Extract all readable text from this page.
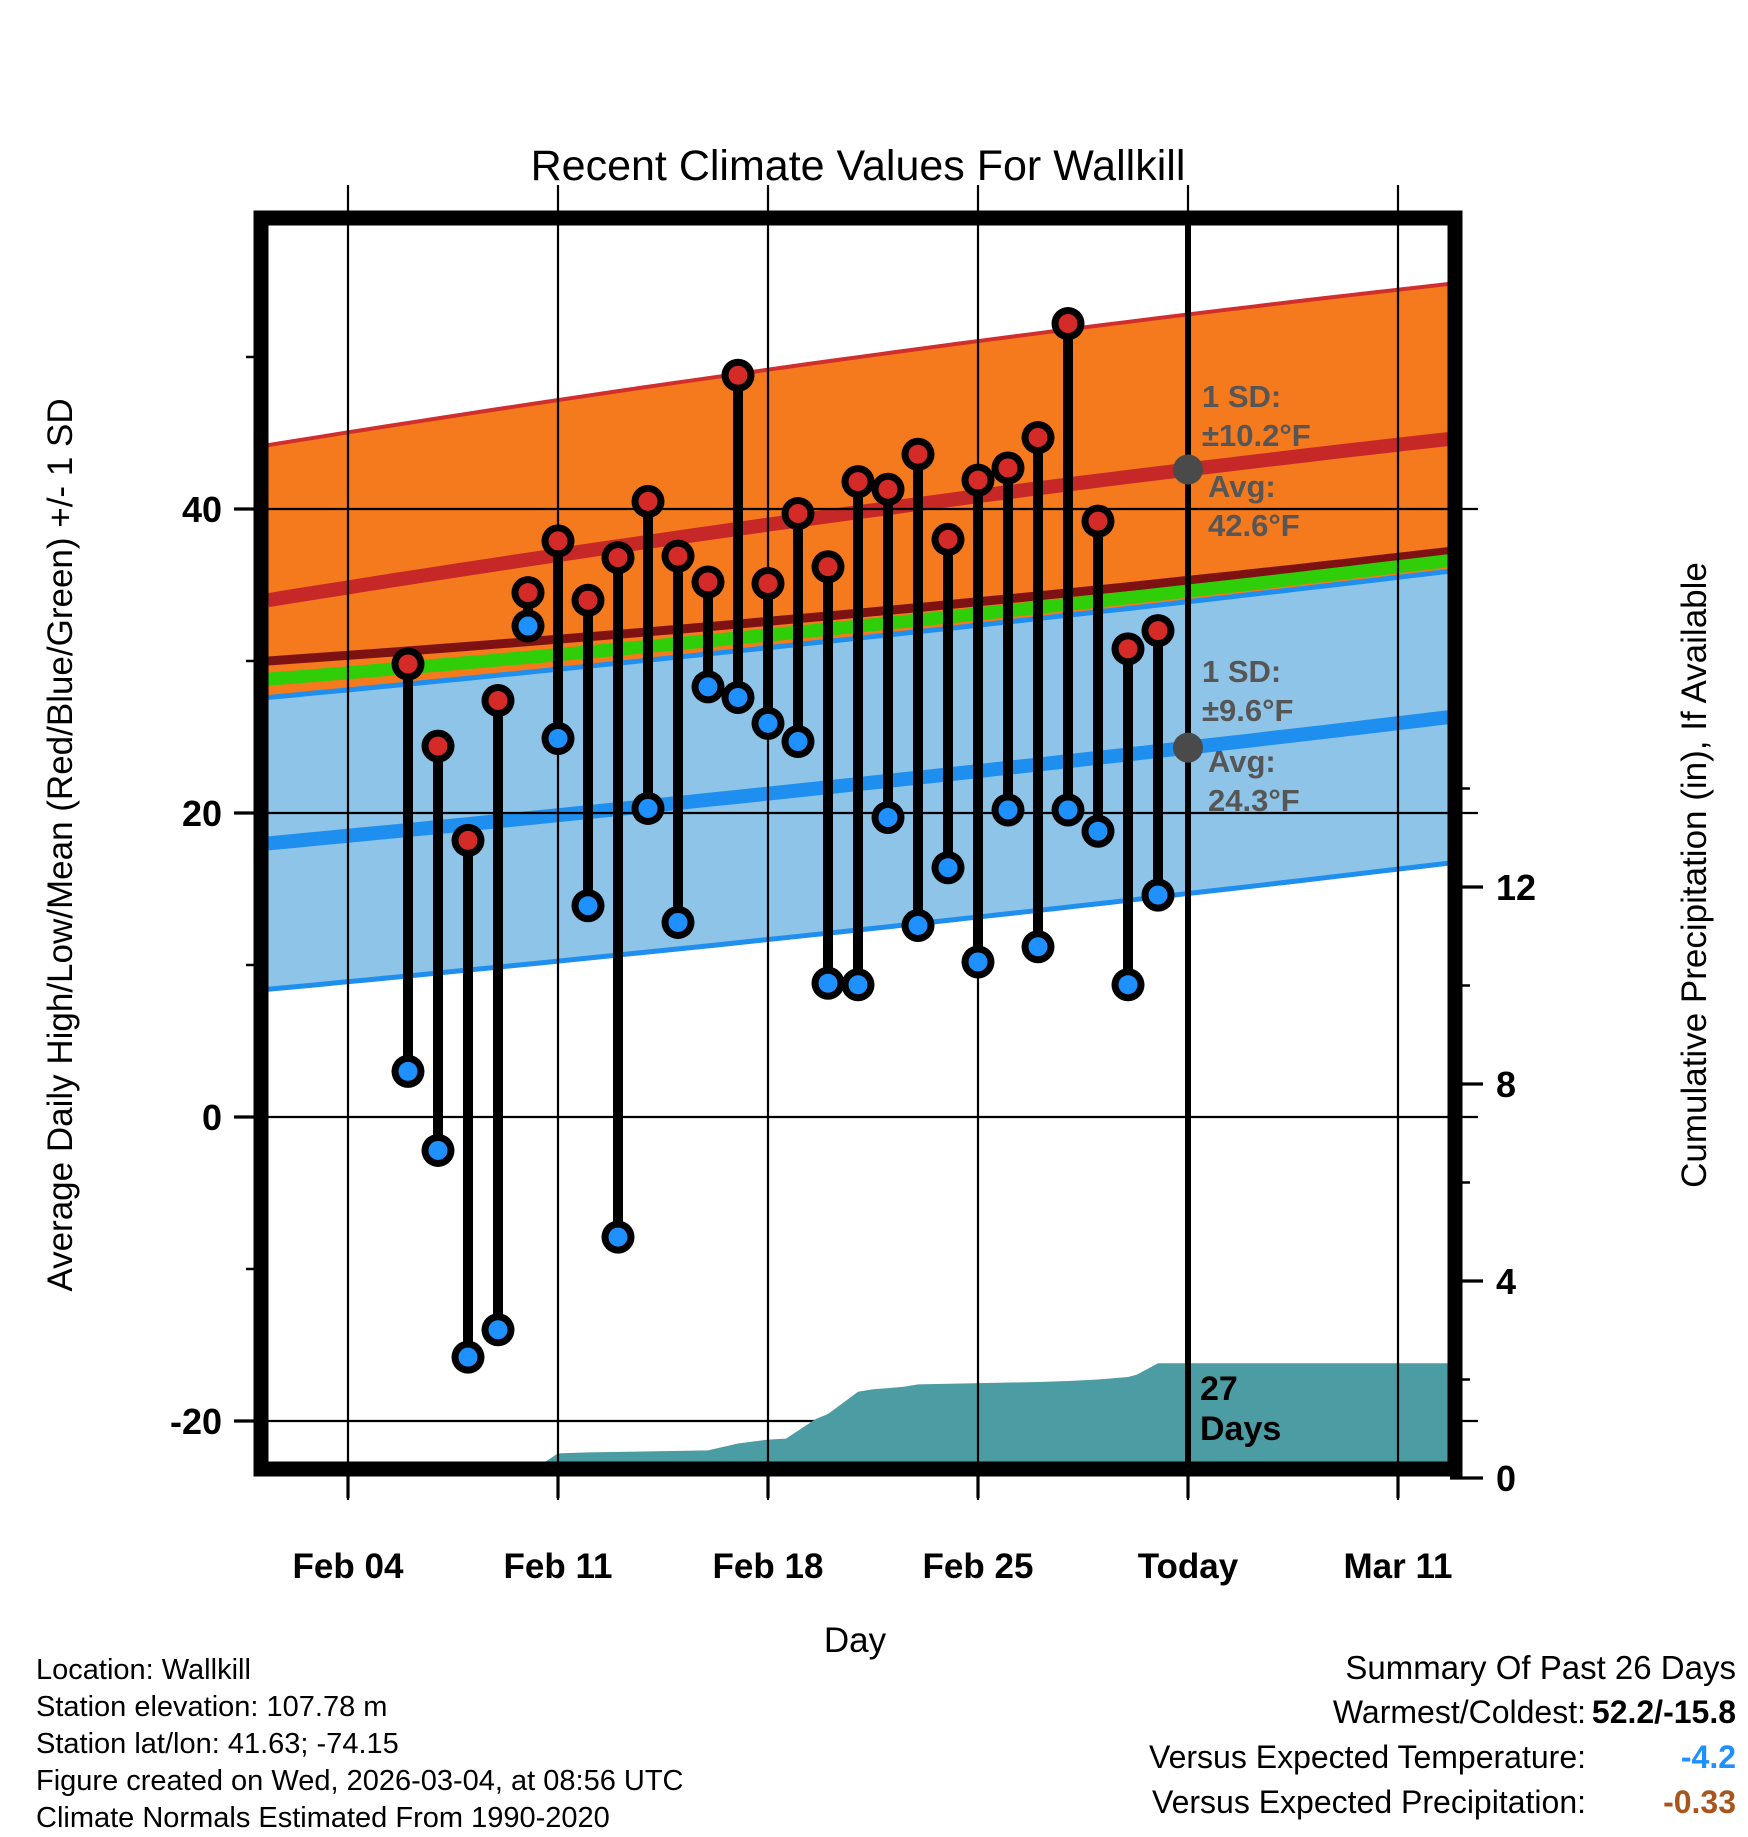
Recent Climate Values For Wallkill
Average Daily High/Low/Mean (Red/Blue/Green) +/- 1 SD	Cumulative Precipitation (in), If Available
Day
40
20
0
-20
0
4
8
12
Feb 04	Feb 11	Feb 18	Feb 25	Today	Mar 11
1 SD:
±10.2°F
Avg:
42.6°F
1 SD:
±9.6°F
Avg:
24.3°F
27
Days
Location: Wallkill
Station elevation: 107.78 m
Station lat/lon: 41.63; -74.15
Figure created on Wed, 2026-03-04, at 08:56 UTC
Climate Normals Estimated From 1990-2020
Summary Of Past 26 Days
Warmest/Coldest: 52.2/-15.8
Versus Expected Temperature:	-4.2
Versus Expected Precipitation:	-0.33
